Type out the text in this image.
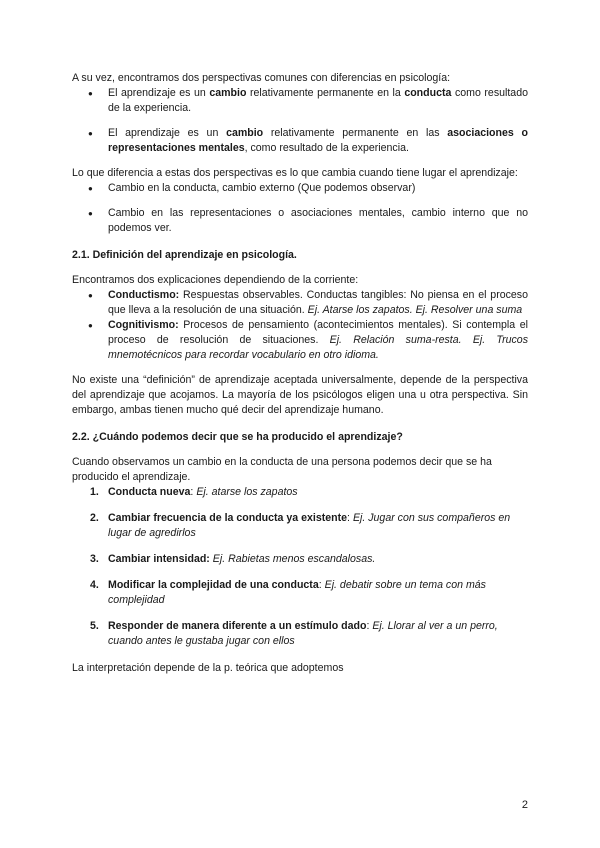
A su vez, encontramos dos perspectivas comunes con diferencias en psicología:

● El aprendizaje es un cambio relativamente permanente en la conducta como resultado de la experiencia.
● El aprendizaje es un cambio relativamente permanente en las asociaciones o representaciones mentales, como resultado de la experiencia.

Lo que diferencia a estas dos perspectivas es lo que cambia cuando tiene lugar el aprendizaje:

● Cambio en la conducta, cambio externo (Que podemos observar)
● Cambio en las representaciones o asociaciones mentales, cambio interno que no podemos ver.
2.1. Definición del aprendizaje en psicología.

Encontramos dos explicaciones dependiendo de la corriente:

● Conductismo: Respuestas observables. Conductas tangibles: No piensa en el proceso que lleva a la resolución de una situación. Ej. Atarse los zapatos. Ej. Resolver una suma
● Cognitivismo: Procesos de pensamiento (acontecimientos mentales). Si contempla el proceso de resolución de situaciones. Ej. Relación suma-resta. Ej. Trucos mnemotécnicos para recordar vocabulario en otro idioma.

No existe una “definición” de aprendizaje aceptada universalmente, depende de la perspectiva del aprendizaje que acojamos. La mayoría de los psicólogos eligen una u otra perspectiva. Sin embargo, ambas tienen mucho qué decir del aprendizaje humano.

2.2. ¿Cuándo podemos decir que se ha producido el aprendizaje?

Cuando observamos un cambio en la conducta de una persona podemos decir que se ha producido el aprendizaje.

1. Conducta nueva: Ej. atarse los zapatos
2. Cambiar frecuencia de la conducta ya existente: Ej. Jugar con sus compañeros en lugar de agredirlos
3. Cambiar intensidad: Ej. Rabietas menos escandalosas.
4. Modificar la complejidad de una conducta: Ej. debatir sobre un tema con más complejidad
5. Responder de manera diferente a un estímulo dado: Ej. Llorar al ver a un perro, cuando antes le gustaba jugar con ellos

La interpretación depende de la p. teórica que adoptemos

2
